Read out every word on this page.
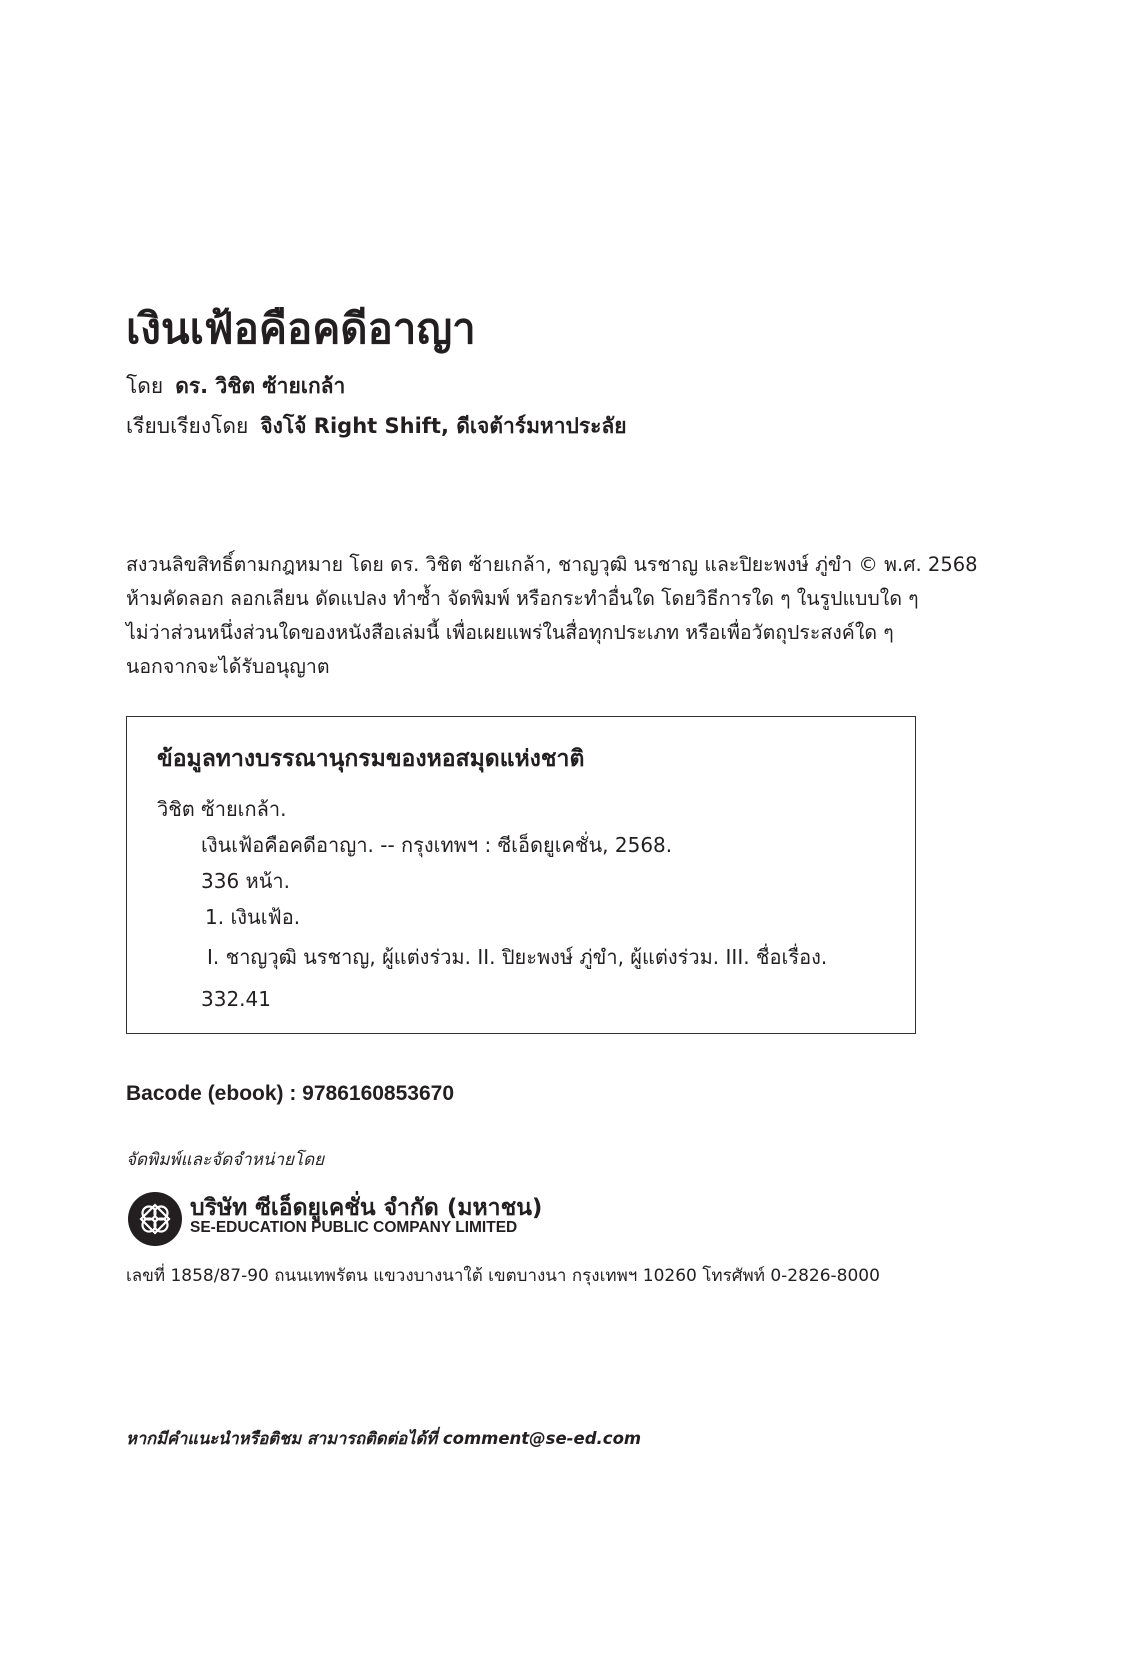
เงินเฟ้อคือคดีอาญา
โดย ดร. วิชิต ซ้ายเกล้า
เรียบเรียงโดย จิงโจ้ Right Shift, ดีเจต้าร์มหาประลัย
สงวนลิขสิทธิ์ตามกฎหมาย โดย ดร. วิชิต ซ้ายเกล้า, ชาญวุฒิ นรชาญ และปิยะพงษ์ ภู่ขำ © พ.ศ. 2568
ห้ามคัดลอก ลอกเลียน ดัดแปลง ทำซ้ำ จัดพิมพ์ หรือกระทำอื่นใด โดยวิธีการใด ๆ ในรูปแบบใด ๆ
ไม่ว่าส่วนหนึ่งส่วนใดของหนังสือเล่มนี้ เพื่อเผยแพร่ในสื่อทุกประเภท หรือเพื่อวัตถุประสงค์ใด ๆ
นอกจากจะได้รับอนุญาต
ข้อมูลทางบรรณานุกรมของหอสมุดแห่งชาติ
วิชิต ซ้ายเกล้า.
เงินเฟ้อคือคดีอาญา. -- กรุงเทพฯ : ซีเอ็ดยูเคชั่น, 2568.
336 หน้า.
1. เงินเฟ้อ.
I. ชาญวุฒิ นรชาญ, ผู้แต่งร่วม. II. ปิยะพงษ์ ภู่ขำ, ผู้แต่งร่วม. III. ชื่อเรื่อง.
332.41
Bacode (ebook) : 9786160853670
จัดพิมพ์และจัดจำหน่ายโดย
บริษัท ซีเอ็ดยูเคชั่น จำกัด (มหาชน)
SE-EDUCATION PUBLIC COMPANY LIMITED
เลขที่ 1858/87-90 ถนนเทพรัตน แขวงบางนาใต้ เขตบางนา กรุงเทพฯ 10260 โทรศัพท์ 0-2826-8000
หากมีคำแนะนำหรือติชม สามารถติดต่อได้ที่ comment@se-ed.com
